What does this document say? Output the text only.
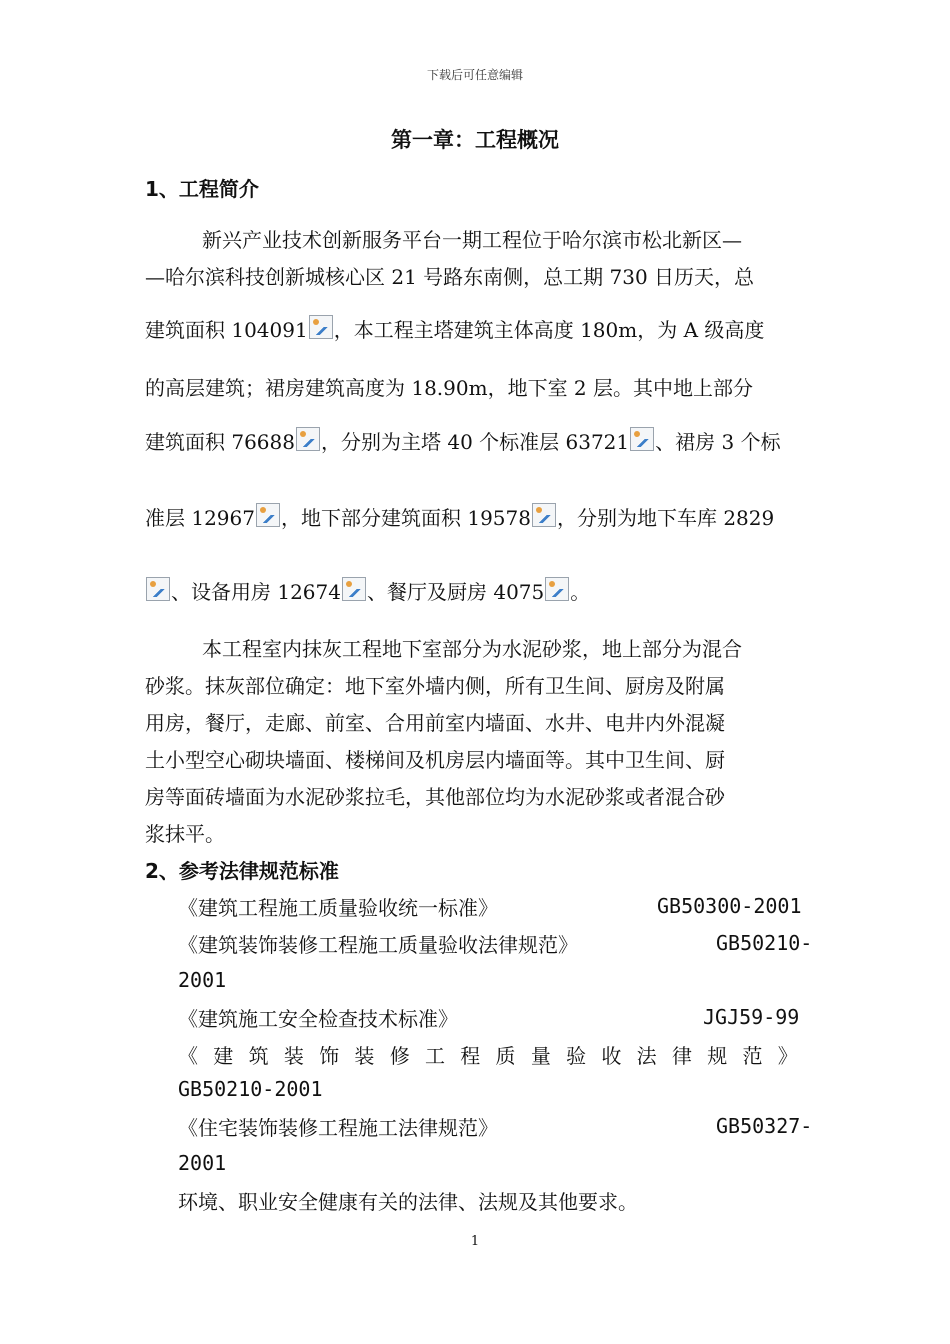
下载后可任意编辑
第一章：工程概况
1、工程简介
新兴产业技术创新服务平台一期工程位于哈尔滨市松北新区—
—哈尔滨科技创新城核心区 21 号路东南侧，总工期 730 日历天，总
建筑面积 104091 ，本工程主塔建筑主体高度 180m，为 A 级高度
的高层建筑；裙房建筑高度为 18.90m，地下室 2 层。其中地上部分
建筑面积 76688 ，分别为主塔 40 个标准层 63721 、裙房 3 个标
准层 12967 ，地下部分建筑面积 19578 ，分别为地下车库 2829
、设备用房 12674 、餐厅及厨房 4075 。
本工程室内抹灰工程地下室部分为水泥砂浆，地上部分为混合
砂浆。抹灰部位确定：地下室外墙内侧，所有卫生间、厨房及附属
用房，餐厅，走廊、前室、合用前室内墙面、水井、电井内外混凝
土小型空心砌块墙面、楼梯间及机房层内墙面等。其中卫生间、厨
房等面砖墙面为水泥砂浆拉毛，其他部位均为水泥砂浆或者混合砂
浆抹平。
2、参考法律规范标准
《建筑工程施工质量验收统一标准》	GB50300-2001
《建筑装饰装修工程施工质量验收法律规范》	GB50210-
2001
《建筑施工安全检查技术标准》	JGJ59-99
《 建 筑 装 饰 装 修 工 程 质 量 验 收 法 律 规 范 》
GB50210-2001
《住宅装饰装修工程施工法律规范》	GB50327-
2001
环境、职业安全健康有关的法律、法规及其他要求。
1
